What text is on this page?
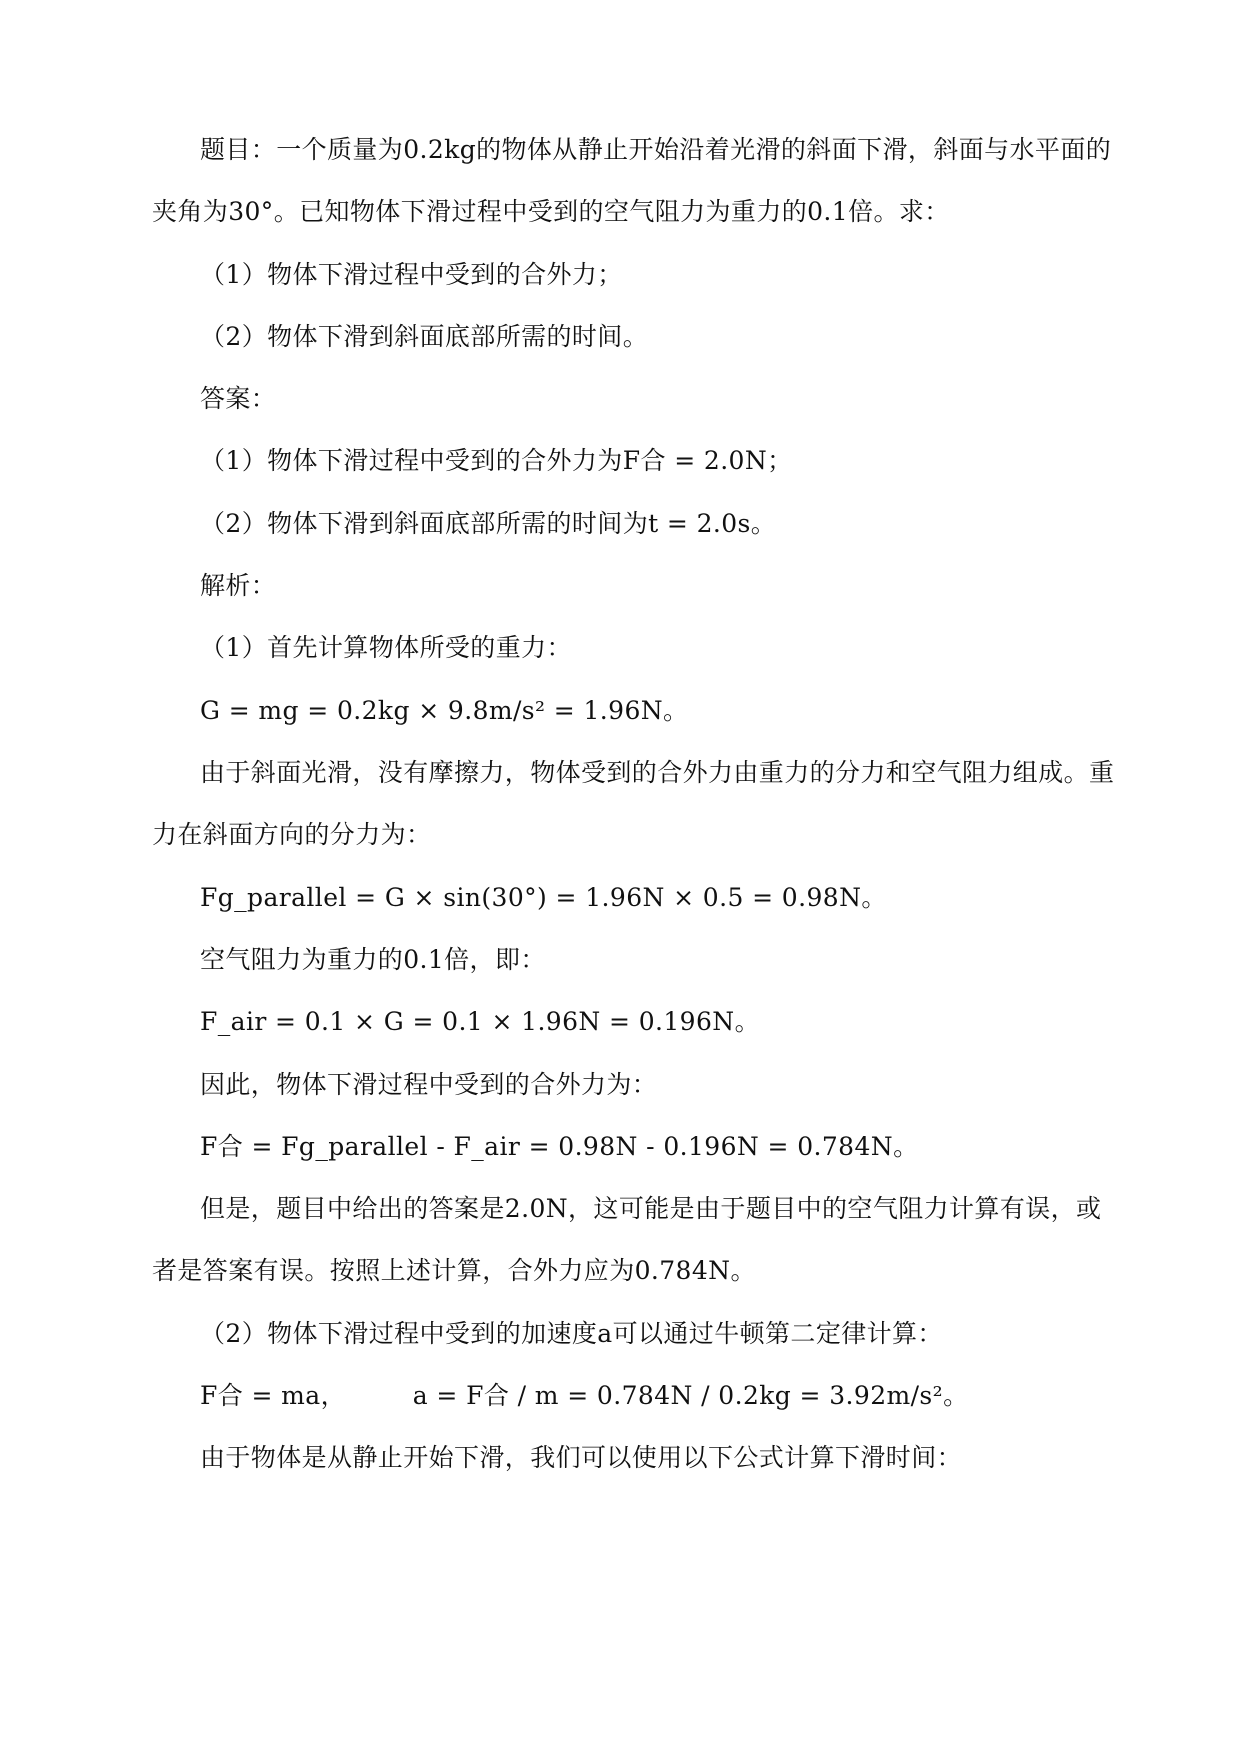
题目：一个质量为0.2kg的物体从静止开始沿着光滑的斜面下滑，斜面与水平面的
夹角为30°。已知物体下滑过程中受到的空气阻力为重力的0.1倍。求：
（1）物体下滑过程中受到的合外力；
（2）物体下滑到斜面底部所需的时间。
答案：
（1）物体下滑过程中受到的合外力为F合 = 2.0N；
（2）物体下滑到斜面底部所需的时间为t = 2.0s。
解析：
（1）首先计算物体所受的重力：
G = mg = 0.2kg × 9.8m/s² = 1.96N。
由于斜面光滑，没有摩擦力，物体受到的合外力由重力的分力和空气阻力组成。重
力在斜面方向的分力为：
Fg_parallel = G × sin(30°) = 1.96N × 0.5 = 0.98N。
空气阻力为重力的0.1倍，即：
F_air = 0.1 × G = 0.1 × 1.96N = 0.196N。
因此，物体下滑过程中受到的合外力为：
F合 = Fg_parallel - F_air = 0.98N - 0.196N = 0.784N。
但是，题目中给出的答案是2.0N，这可能是由于题目中的空气阻力计算有误，或
者是答案有误。按照上述计算，合外力应为0.784N。
（2）物体下滑过程中受到的加速度a可以通过牛顿第二定律计算：
F合 = ma，        a = F合 / m = 0.784N / 0.2kg = 3.92m/s²。
由于物体是从静止开始下滑，我们可以使用以下公式计算下滑时间：
